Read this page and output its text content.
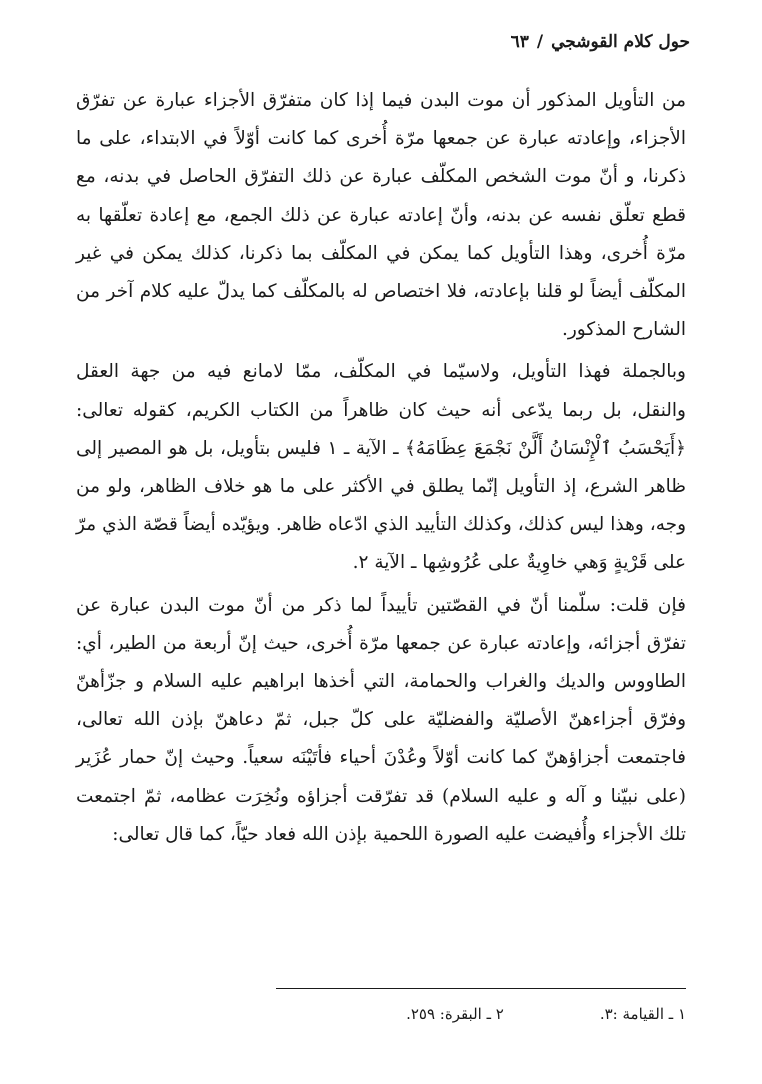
حول كلام القوشجي
/
٦٣

من التأويل المذكور أن موت البدن فيما إذا كان متفرّق الأجزاء عبارة عن تفرّق الأجزاء، وإعادته عبارة عن جمعها مرّة أُخرى كما كانت أوّلاً في الابتداء، على ما ذكرنا، و أنّ موت الشخص المكلّف عبارة عن ذلك التفرّق الحاصل في بدنه، مع قطع تعلّق نفسه عن بدنه، وأنّ إعادته عبارة عن ذلك الجمع، مع إعادة تعلّقها به مرّة أُخرى، وهذا التأويل كما يمكن في المكلّف بما ذكرنا، كذلك يمكن في غير المكلّف أيضاً لو قلنا بإعادته، فلا اختصاص له بالمكلّف كما يدلّ عليه كلام آخر من الشارح المذكور.

وبالجملة فهذا التأويل، ولاسيّما في المكلّف، ممّا لامانع فيه من جهة العقل والنقل، بل ربما يدّعى أنه حيث كان ظاهراً من الكتاب الكريم، كقوله تعالى: ﴿أَيَحْسَبُ ٱلْإِنْسَانُ أَلَّنْ نَجْمَعَ عِظَامَهُ﴾ ـ الآية ـ ١ فليس بتأويل، بل هو المصير إلى ظاهر الشرع، إذ التأويل إنّما يطلق في الأكثر على ما هو خلاف الظاهر، ولو من وجه، وهذا ليس كذلك، وكذلك التأييد الذي ادّعاه ظاهر. ويؤيّده أيضاً قصّة الذي مرّ على قَرْيةٍ وَهي خاوِيةٌ على عُرُوشِها ـ الآية ٢.

فإن قلت: سلّمنا أنّ في القصّتين تأييداً لما ذكر من أنّ موت البدن عبارة عن تفرّق أجزائه، وإعادته عبارة عن جمعها مرّة أُخرى، حيث إنّ أربعة من الطير، أي: الطاووس والديك والغراب والحمامة، التي أخذها ابراهيم عليه السلام و جزّأهنّ وفرّق أجزاءهنّ الأصليّة والفضليّة على كلّ جبل، ثمّ دعاهنّ بإذن الله تعالى، فاجتمعت أجزاؤهنّ كما كانت أوّلاً وعُدْنَ أحياء فأتَيْنَه سعياً. وحيث إنّ حمار عُزَير (على نبيّنا و آله و عليه السلام) قد تفرّقت أجزاؤه ونُخِرَت عظامه، ثمّ اجتمعت تلك الأجزاء وأُفيضت عليه الصورة اللحمية بإذن الله فعاد حيّاً، كما قال تعالى:

١ ـ القيامة :٣.
٢ ـ البقرة: ٢٥٩.
